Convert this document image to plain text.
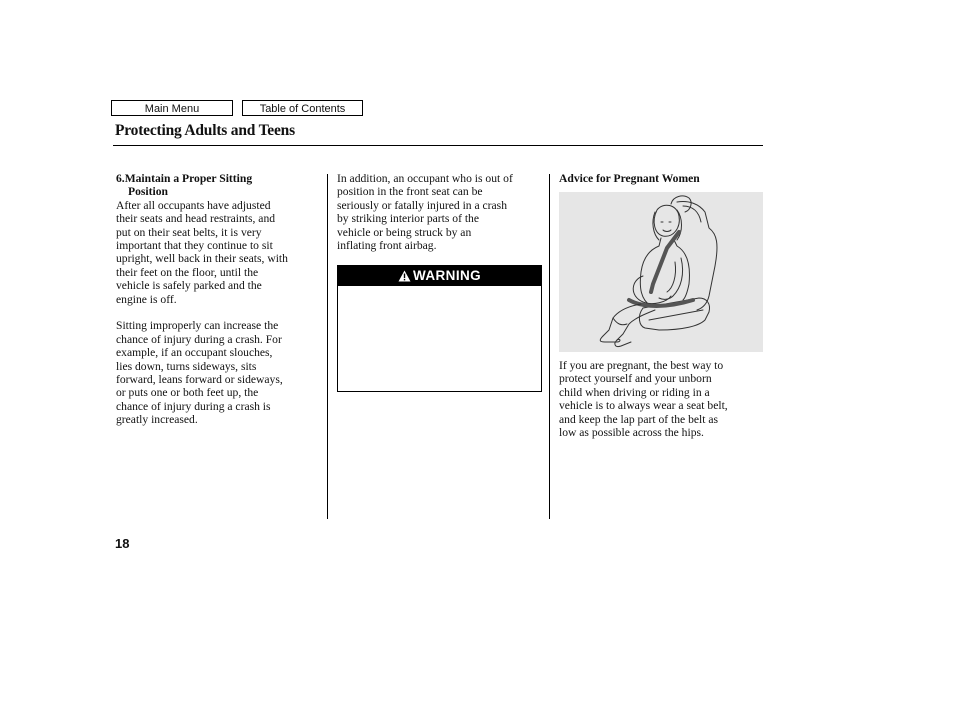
Main Menu	Table of Contents
Protecting Adults and Teens
6.Maintain a Proper Sitting
Position
After all occupants have adjusted
their seats and head restraints, and
put on their seat belts, it is very
important that they continue to sit
upright, well back in their seats, with
their feet on the floor, until the
vehicle is safely parked and the
engine is off.
Sitting improperly can increase the
chance of injury during a crash. For
example, if an occupant slouches,
lies down, turns sideways, sits
forward, leans forward or sideways,
or puts one or both feet up, the
chance of injury during a crash is
greatly increased.
In addition, an occupant who is out of
position in the front seat can be
seriously or fatally injured in a crash
by striking interior parts of the
vehicle or being struck by an
inflating front airbag.
WARNING
Advice for Pregnant Women
If you are pregnant, the best way to
protect yourself and your unborn
child when driving or riding in a
vehicle is to always wear a seat belt,
and keep the lap part of the belt as
low as possible across the hips.
18
